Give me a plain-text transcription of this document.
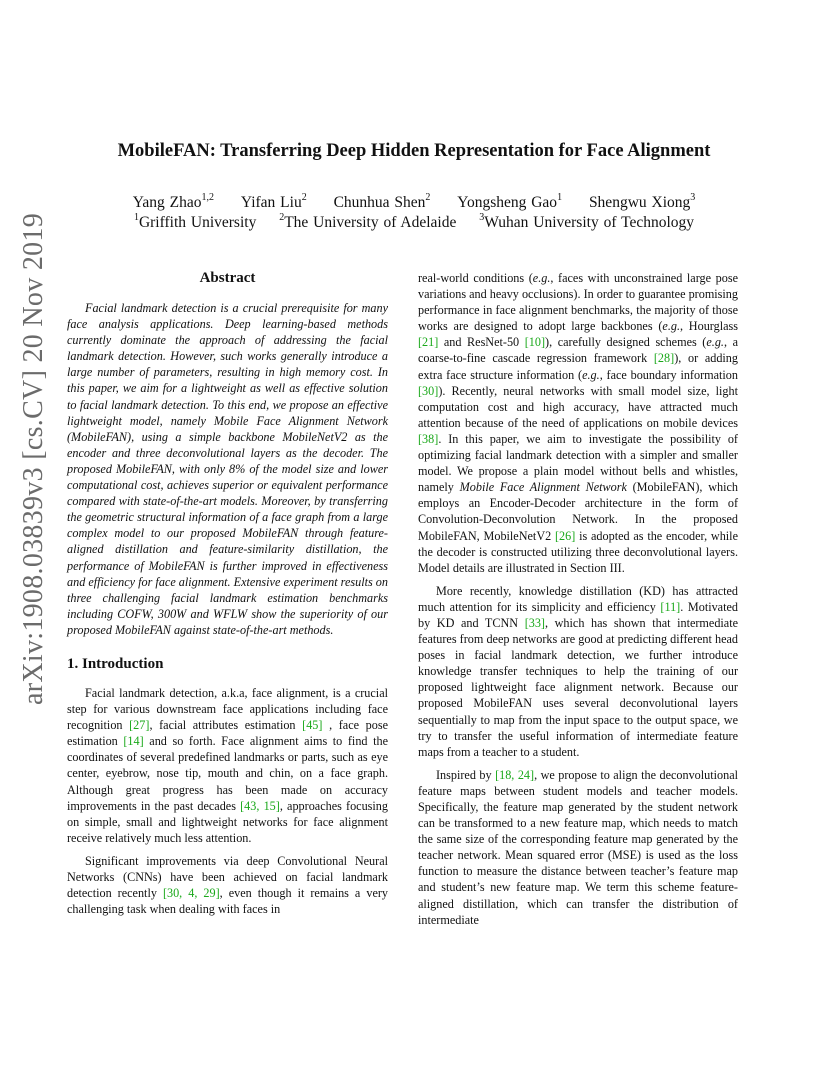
arXiv:1908.03839v3 [cs.CV] 20 Nov 2019
MobileFAN: Transferring Deep Hidden Representation for Face Alignment
Yang Zhao$^{1,2}$ Yifan Liu$^2$ Chunhua Shen$^2$ Yongsheng Gao$^1$ Shengwu Xiong$^3$
$^1$Griffith University $^2$The University of Adelaide $^3$Wuhan University of Technology
Abstract

Facial landmark detection is a crucial prerequisite for many face analysis applications. Deep learning-based methods currently dominate the approach of addressing the facial landmark detection. However, such works generally introduce a large number of parameters, resulting in high memory cost. In this paper, we aim for a lightweight as well as effective solution to facial landmark detection. To this end, we propose an effective lightweight model, namely Mobile Face Alignment Network (MobileFAN), using a simple backbone MobileNetV2 as the encoder and three deconvolutional layers as the decoder. The proposed MobileFAN, with only 8% of the model size and lower computational cost, achieves superior or equivalent performance compared with state-of-the-art models. Moreover, by transferring the geometric structural information of a face graph from a large complex model to our proposed MobileFAN through feature-aligned distillation and feature-similarity distillation, the performance of MobileFAN is further improved in effectiveness and efficiency for face alignment. Extensive experiment results on three challenging facial landmark estimation benchmarks including COFW, 300W and WFLW show the superiority of our proposed MobileFAN against state-of-the-art methods.

1. Introduction

Facial landmark detection, a.k.a, face alignment, is a crucial step for various downstream face applications including face recognition [27], facial attributes estimation [45] , face pose estimation [14] and so forth. Face alignment aims to find the coordinates of several predefined landmarks or parts, such as eye center, eyebrow, nose tip, mouth and chin, on a face graph. Although great progress has been made on accuracy improvements in the past decades [43, 15], approaches focusing on simple, small and lightweight networks for face alignment receive relatively much less attention.

Significant improvements via deep Convolutional Neural Networks (CNNs) have been achieved on facial landmark detection recently [30, 4, 29], even though it remains a very challenging task when dealing with faces in

real-world conditions (e.g., faces with unconstrained large pose variations and heavy occlusions). In order to guarantee promising performance in face alignment benchmarks, the majority of those works are designed to adopt large backbones (e.g., Hourglass [21] and ResNet-50 [10]), carefully designed schemes (e.g., a coarse-to-fine cascade regression framework [28]), or adding extra face structure information (e.g., face boundary information [30]). Recently, neural networks with small model size, light computation cost and high accuracy, have attracted much attention because of the need of applications on mobile devices [38]. In this paper, we aim to investigate the possibility of optimizing facial landmark detection with a simpler and smaller model. We propose a plain model without bells and whistles, namely Mobile Face Alignment Network (MobileFAN), which employs an Encoder-Decoder architecture in the form of Convolution-Deconvolution Network. In the proposed MobileFAN, MobileNetV2 [26] is adopted as the encoder, while the decoder is constructed utilizing three deconvolutional layers. Model details are illustrated in Section III.

More recently, knowledge distillation (KD) has attracted much attention for its simplicity and efficiency [11]. Motivated by KD and TCNN [33], which has shown that intermediate features from deep networks are good at predicting different head poses in facial landmark detection, we further introduce knowledge transfer techniques to help the training of our proposed lightweight face alignment network. Because our proposed MobileFAN uses several deconvolutional layers sequentially to map from the input space to the output space, we try to transfer the useful information of intermediate feature maps from a teacher to a student.

Inspired by [18, 24], we propose to align the deconvolutional feature maps between student models and teacher models. Specifically, the feature map generated by the student network can be transformed to a new feature map, which needs to match the same size of the corresponding feature map generated by the teacher network. Mean squared error (MSE) is used as the loss function to measure the distance between teacher’s feature map and student’s new feature map. We term this scheme feature-aligned distillation, which can transfer the distribution of intermediate
